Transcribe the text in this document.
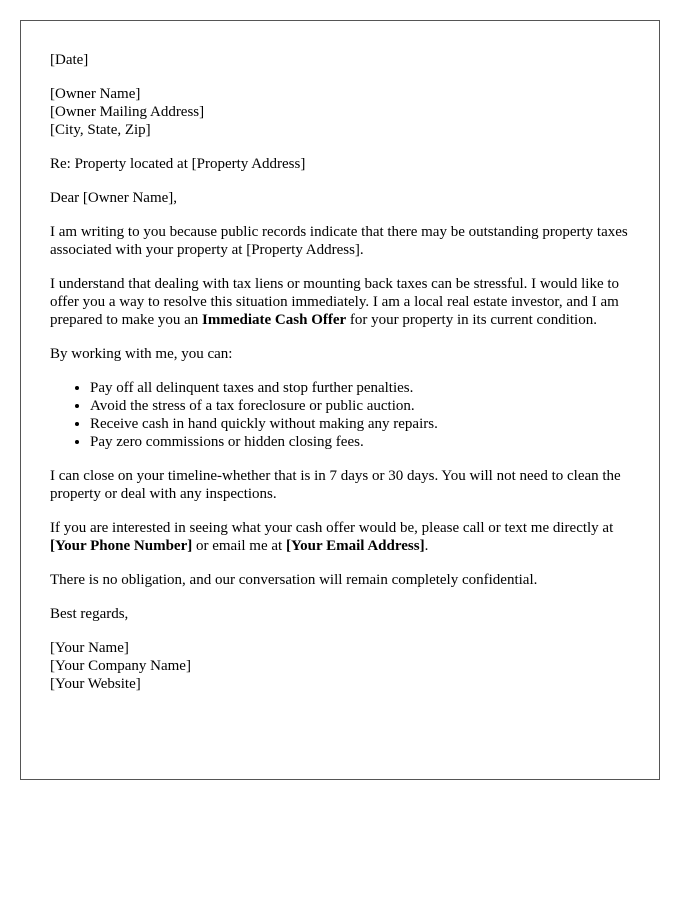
[Date]

[Owner Name]
[Owner Mailing Address]
[City, State, Zip]

Re: Property located at [Property Address]

Dear [Owner Name],

I am writing to you because public records indicate that there may be outstanding property taxes associated with your property at [Property Address].

I understand that dealing with tax liens or mounting back taxes can be stressful. I would like to offer you a way to resolve this situation immediately. I am a local real estate investor, and I am prepared to make you an Immediate Cash Offer for your property in its current condition.

By working with me, you can:

• Pay off all delinquent taxes and stop further penalties.
• Avoid the stress of a tax foreclosure or public auction.
• Receive cash in hand quickly without making any repairs.
• Pay zero commissions or hidden closing fees.

I can close on your timeline-whether that is in 7 days or 30 days. You will not need to clean the property or deal with any inspections.

If you are interested in seeing what your cash offer would be, please call or text me directly at [Your Phone Number] or email me at [Your Email Address].

There is no obligation, and our conversation will remain completely confidential.

Best regards,

[Your Name]
[Your Company Name]
[Your Website]
